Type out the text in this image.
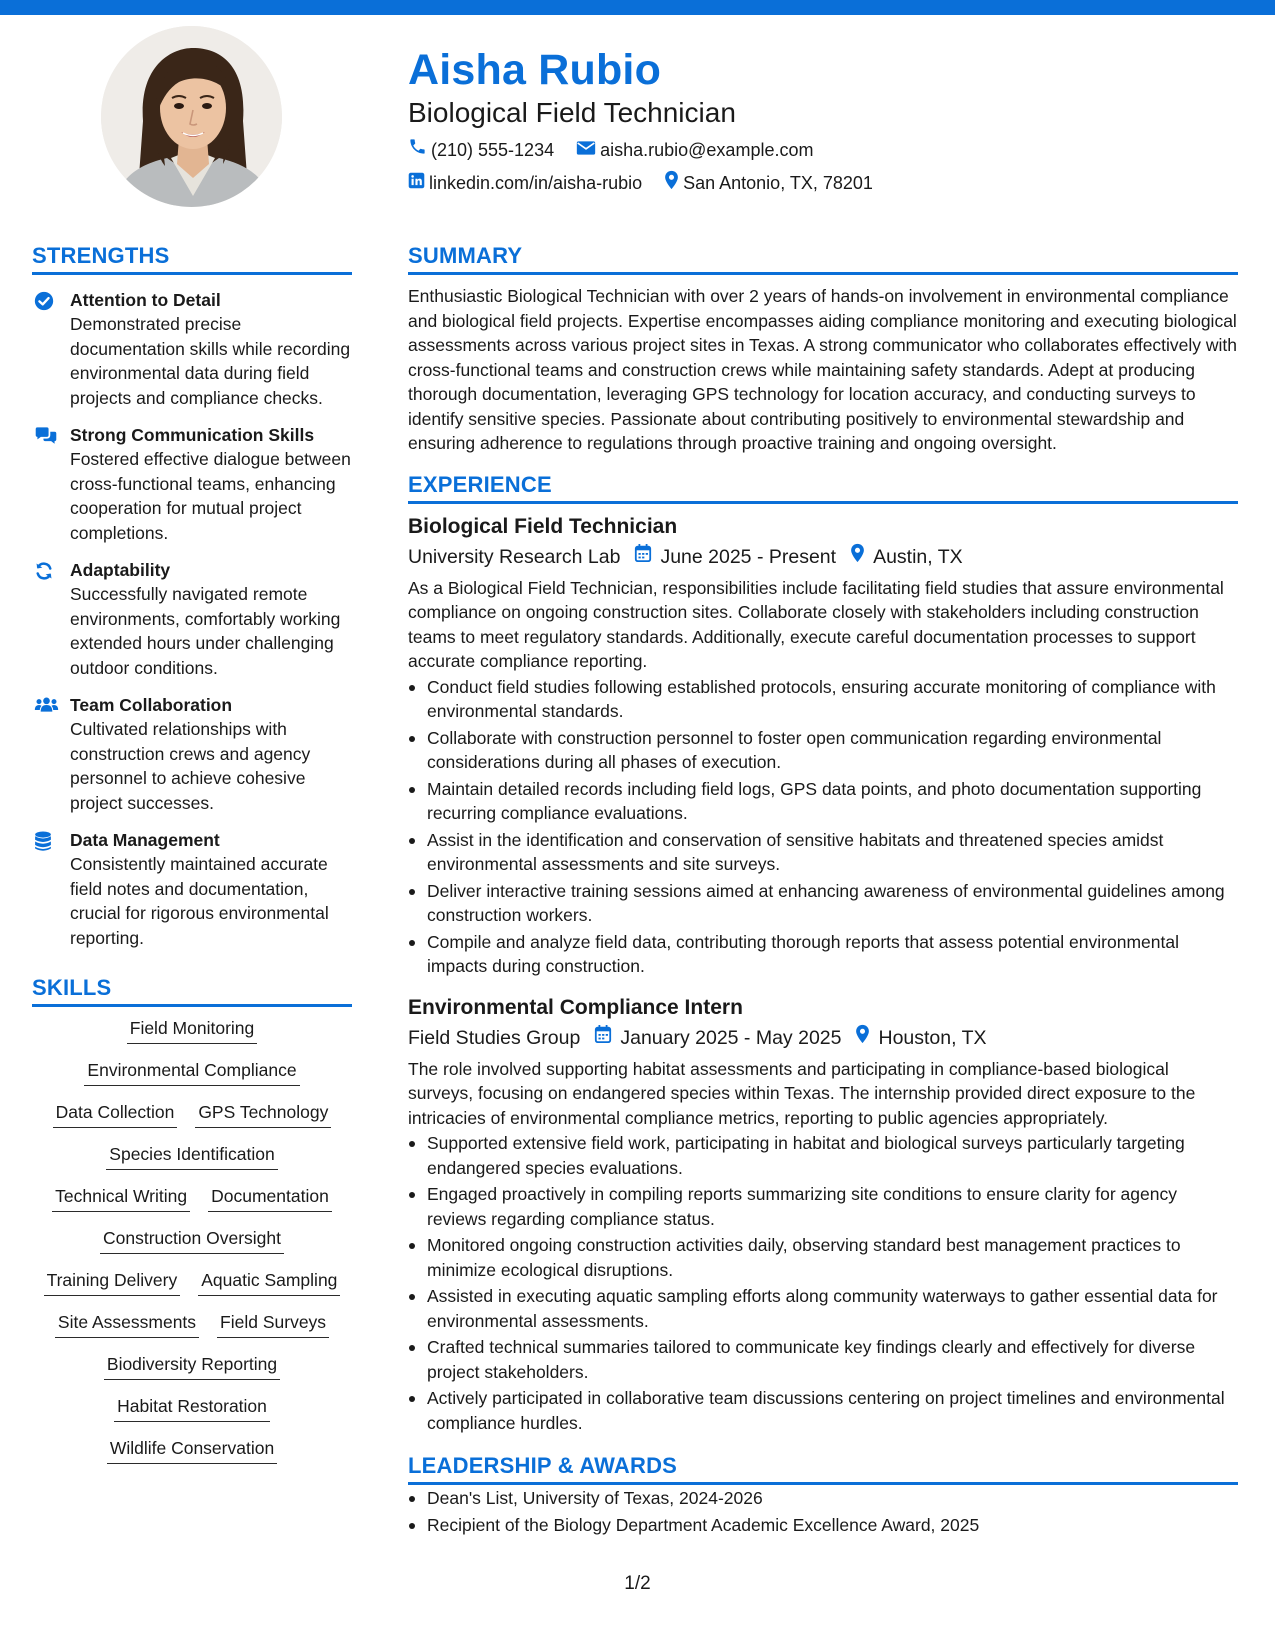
Aisha Rubio
Biological Field Technician
(210) 555-1234	aisha.rubio@example.com
linkedin.com/in/aisha-rubio San Antonio, TX, 78201
STRENGTHS
Attention to Detail
Demonstrated precise documentation skills while recording environmental data during field projects and compliance checks.
Strong Communication Skills
Fostered effective dialogue between cross-functional teams, enhancing cooperation for mutual project completions.
Adaptability
Successfully navigated remote environments, comfortably working extended hours under challenging outdoor conditions.
Team Collaboration
Cultivated relationships with construction crews and agency personnel to achieve cohesive project successes.
Data Management
Consistently maintained accurate field notes and documentation, crucial for rigorous environmental reporting.
SKILLS
Field Monitoring
Environmental Compliance
Data Collection GPS Technology
Species Identification
Technical Writing Documentation
Construction Oversight
Training Delivery Aquatic Sampling
Site Assessments Field Surveys
Biodiversity Reporting
Habitat Restoration
Wildlife Conservation
SUMMARY
Enthusiastic Biological Technician with over 2 years of hands-on involvement in environmental compliance and biological field projects. Expertise encompasses aiding compliance monitoring and executing biological assessments across various project sites in Texas. A strong communicator who collaborates effectively with cross-functional teams and construction crews while maintaining safety standards. Adept at producing thorough documentation, leveraging GPS technology for location accuracy, and conducting surveys to identify sensitive species. Passionate about contributing positively to environmental stewardship and ensuring adherence to regulations through proactive training and ongoing oversight.
EXPERIENCE
Biological Field Technician
University Research Lab June 2025 - Present Austin, TX
As a Biological Field Technician, responsibilities include facilitating field studies that assure environmental compliance on ongoing construction sites. Collaborate closely with stakeholders including construction teams to meet regulatory standards. Additionally, execute careful documentation processes to support accurate compliance reporting.
Conduct field studies following established protocols, ensuring accurate monitoring of compliance with environmental standards.
Collaborate with construction personnel to foster open communication regarding environmental considerations during all phases of execution.
Maintain detailed records including field logs, GPS data points, and photo documentation supporting recurring compliance evaluations.
Assist in the identification and conservation of sensitive habitats and threatened species amidst environmental assessments and site surveys.
Deliver interactive training sessions aimed at enhancing awareness of environmental guidelines among construction workers.
Compile and analyze field data, contributing thorough reports that assess potential environmental impacts during construction.
Environmental Compliance Intern
Field Studies Group January 2025 - May 2025 Houston, TX
The role involved supporting habitat assessments and participating in compliance-based biological surveys, focusing on endangered species within Texas. The internship provided direct exposure to the intricacies of environmental compliance metrics, reporting to public agencies appropriately.
Supported extensive field work, participating in habitat and biological surveys particularly targeting endangered species evaluations.
Engaged proactively in compiling reports summarizing site conditions to ensure clarity for agency reviews regarding compliance status.
Monitored ongoing construction activities daily, observing standard best management practices to minimize ecological disruptions.
Assisted in executing aquatic sampling efforts along community waterways to gather essential data for environmental assessments.
Crafted technical summaries tailored to communicate key findings clearly and effectively for diverse project stakeholders.
Actively participated in collaborative team discussions centering on project timelines and environmental compliance hurdles.
LEADERSHIP & AWARDS
Dean's List, University of Texas, 2024-2026
Recipient of the Biology Department Academic Excellence Award, 2025
1/2
